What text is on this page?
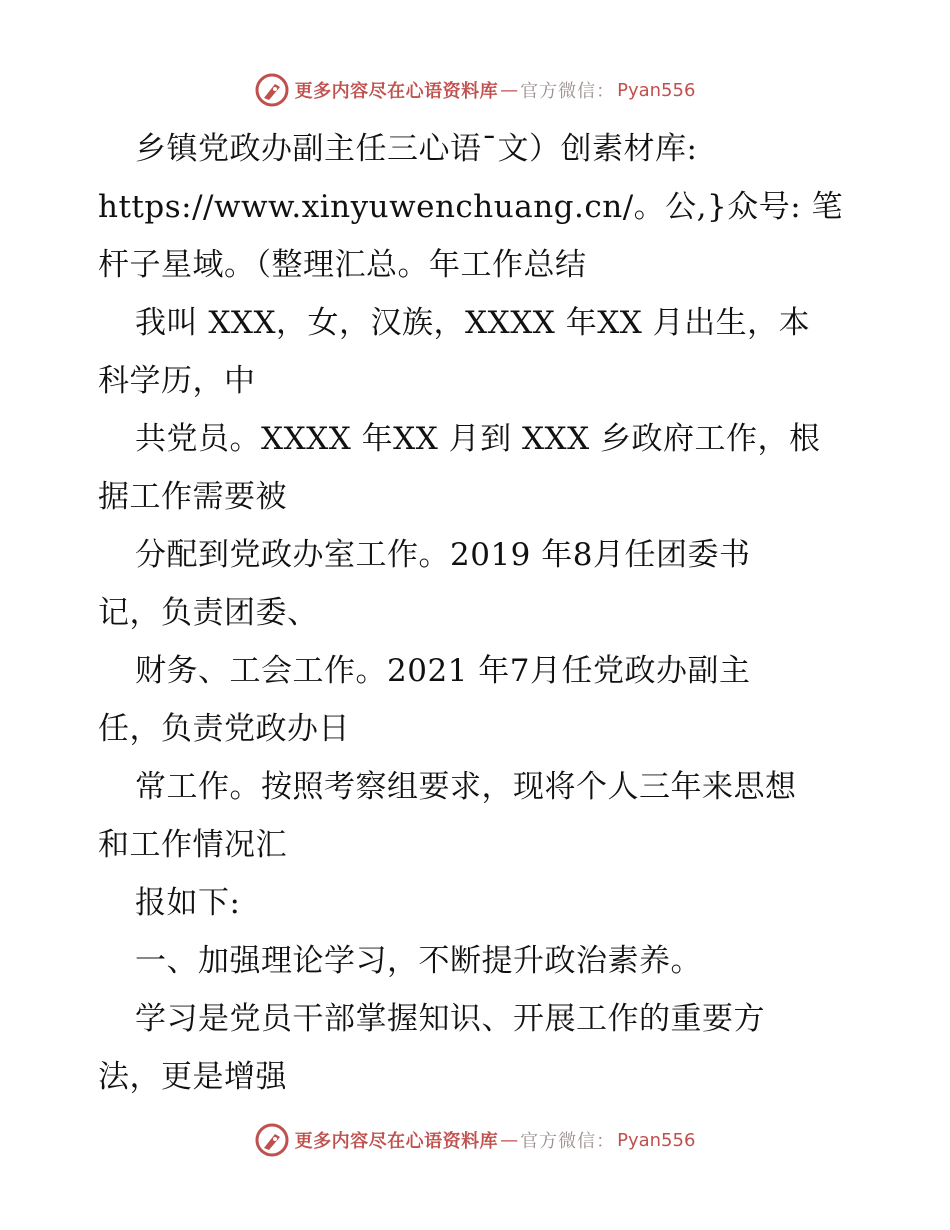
更多内容尽在心语资料库 — 官方微信： Pyan556
乡镇党政办副主任三心语¯文）创素材库:
https://www.xinyuwenchuang.cn/。公,}众号: 笔
杆子星域。（整理汇总。年工作总结
我叫 XXX，女，汉族，XXXX 年XX 月出生，本
科学历，中
共党员。XXXX 年XX 月到 XXX 乡政府工作，根
据工作需要被
分配到党政办室工作。2019 年8月任团委书
记，负责团委、
财务、工会工作。2021 年7月任党政办副主
任，负责党政办日
常工作。按照考察组要求，现将个人三年来思想
和工作情况汇
报如下:
一、加强理论学习，不断提升政治素养。
学习是党员干部掌握知识、开展工作的重要方
法，更是增强
更多内容尽在心语资料库 — 官方微信： Pyan556
